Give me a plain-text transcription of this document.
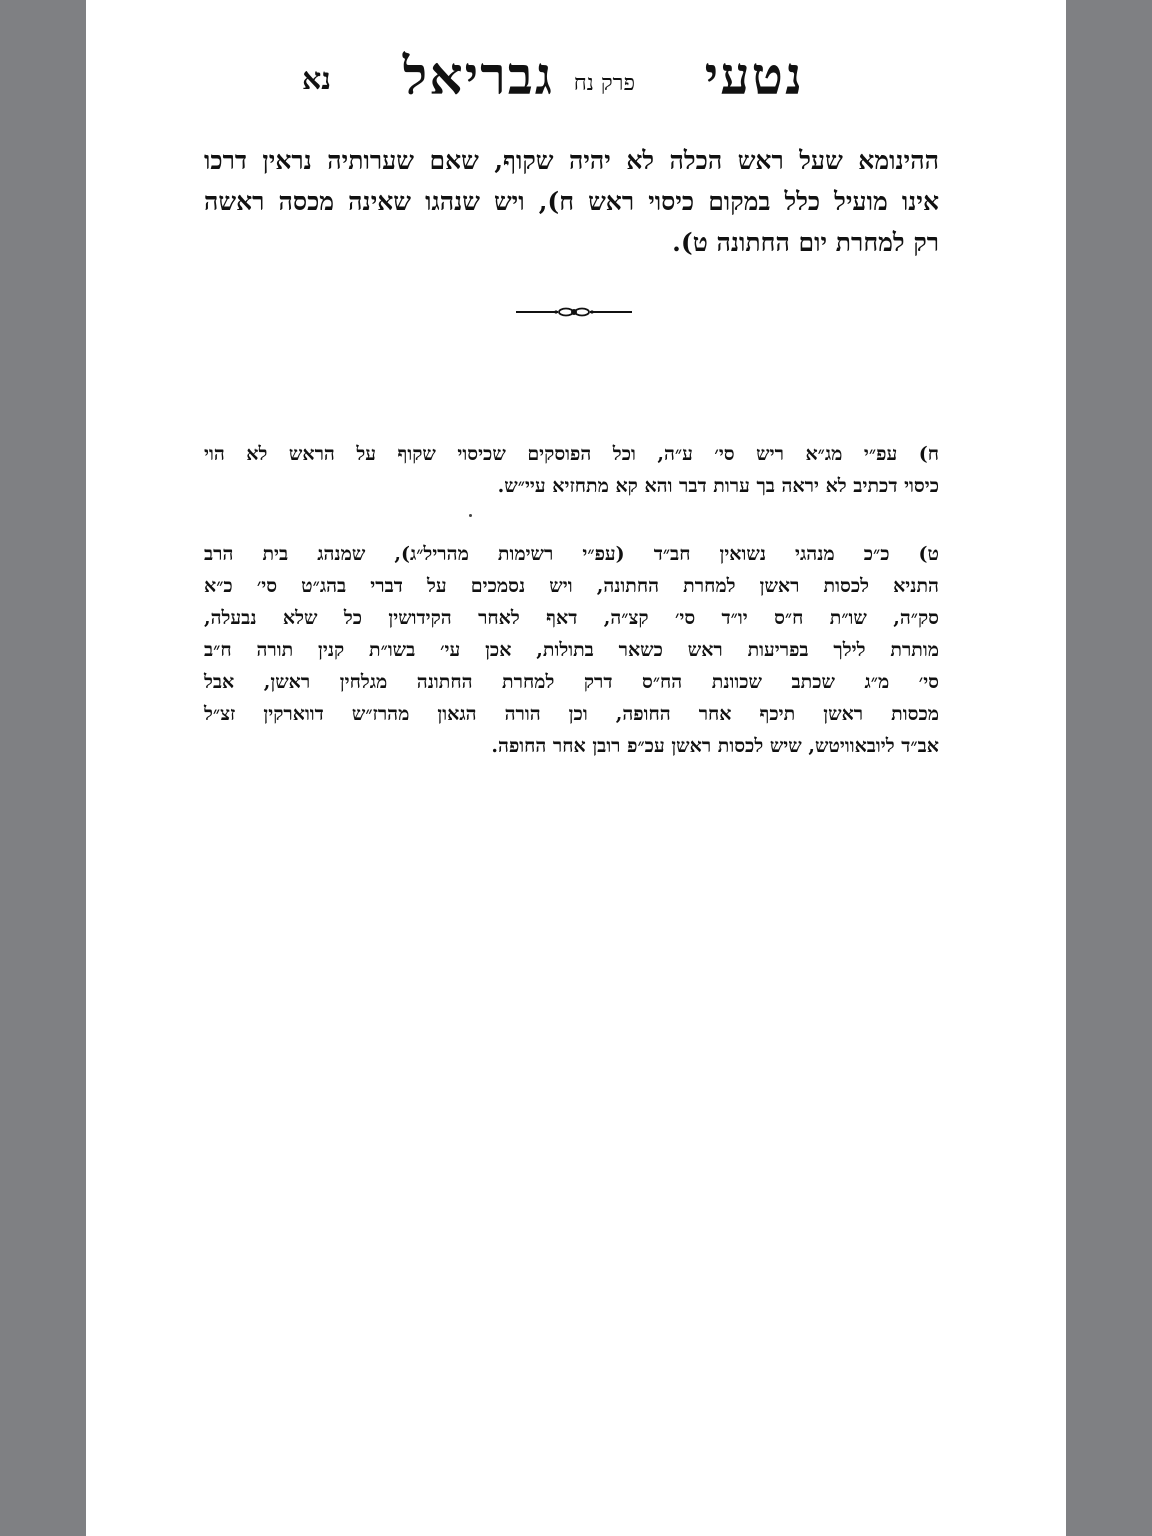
נטעי
פרק נח
גבריאל
נא

ההינומא שעל ראש הכלה לא יהיה שקוף, שאם שערותיה נראין דרכו
אינו מועיל כלל במקום כיסוי ראש ח), ויש שנהגו שאינה מכסה ראשה
רק למחרת יום החתונה ט).

ח) עפ״י מג״א ריש סי׳ ע״ה, וכל הפוסקים שכיסוי שקוף על הראש לא הוי
כיסוי דכתיב לא יראה בך ערות דבר והא קא מתחזיא עיי״ש.

ט) כ״כ מנהגי נשואין חב״ד (עפ״י רשימות מהריל״ג), שמנהג בית הרב
התניא לכסות ראשן למחרת החתונה, ויש נסמכים על דברי בהג״ט סי׳ כ״א
סק״ה, שו״ת ח״ס יו״ד סי׳ קצ״ה, דאף לאחר הקידושין כל שלא נבעלה,
מותרת לילך בפריעות ראש כשאר בתולות, אכן עי׳ בשו״ת קנין תורה ח״ב
סי׳ מ״ג שכתב שכוונת הח״ס דרק למחרת החתונה מגלחין ראשן, אבל
מכסות ראשן תיכף אחר החופה, וכן הורה הגאון מהרז״ש דווארקין זצ״ל
אב״ד ליובאוויטש, שיש לכסות ראשן עכ״פ רובן אחר החופה.
